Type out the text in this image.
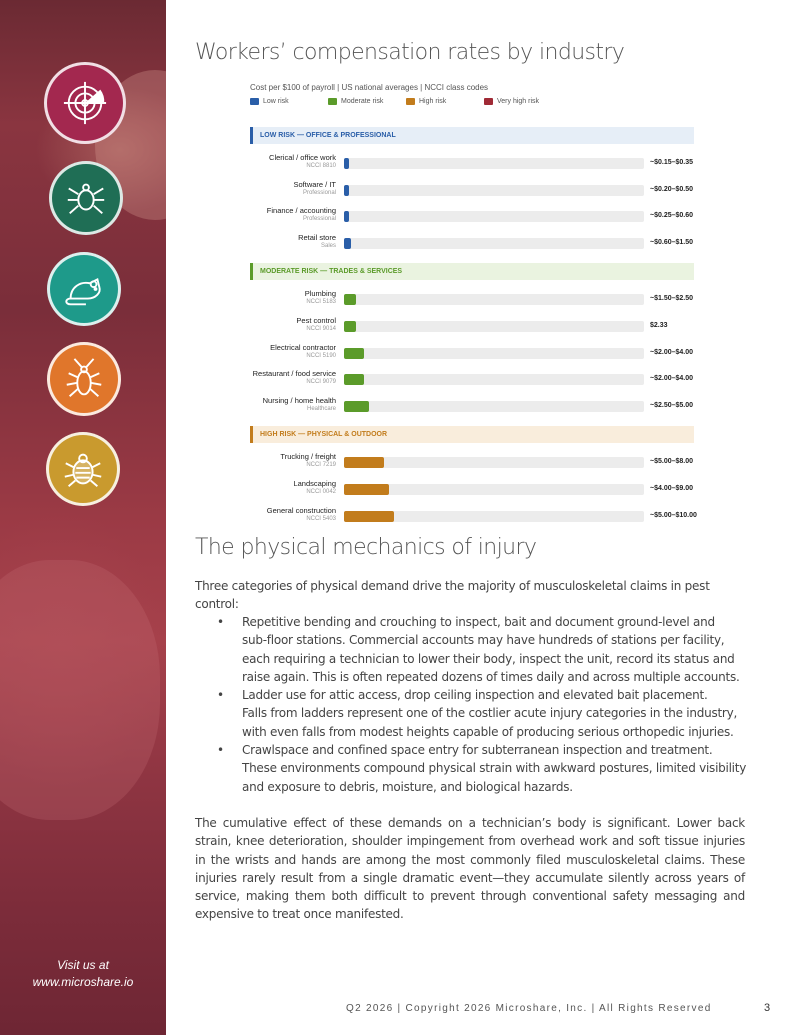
Visit us at
www.microshare.io
Workers’ compensation rates by industry
Cost per $100 of payroll | US national averages | NCCI class codes
Low risk	Moderate risk	High risk	Very high risk
LOW RISK — OFFICE & PROFESSIONAL
Clerical / office work
NCCI 8810	~$0.15–$0.35
Software / IT
Professional	~$0.20–$0.50
Finance / accounting
Professional	~$0.25–$0.60
Retail store
Sales	~$0.60–$1.50
MODERATE RISK — TRADES & SERVICES
Plumbing
NCCI 5183	~$1.50–$2.50
Pest control
NCCI 9014	$2.33
Electrical contractor
NCCI 5190	~$2.00–$4.00
Restaurant / food service
NCCI 9079	~$2.00–$4.00
Nursing / home health
Healthcare	~$2.50–$5.00
HIGH RISK — PHYSICAL & OUTDOOR
Trucking / freight
NCCI 7219	~$5.00–$8.00
Landscaping
NCCI 0042	~$4.00–$9.00
General construction
NCCI 5403	~$5.00–$10.00
The physical mechanics of injury

Three categories of physical demand drive the majority of musculoskeletal claims in pest control:

• Repetitive bending and crouching to inspect, bait and document ground-level and
sub-floor stations. Commercial accounts may have hundreds of stations per facility,
each requiring a technician to lower their body, inspect the unit, record its status and
raise again. This is often repeated dozens of times daily and across multiple accounts.
• Ladder use for attic access, drop ceiling inspection and elevated bait placement.
Falls from ladders represent one of the costlier acute injury categories in the industry,
with even falls from modest heights capable of producing serious orthopedic injuries.
• Crawlspace and confined space entry for subterranean inspection and treatment.
These environments compound physical strain with awkward postures, limited visibility
and exposure to debris, moisture, and biological hazards.

The cumulative effect of these demands on a technician’s body is significant. Lower back strain, knee deterioration, shoulder impingement from overhead work and soft tissue injuries in the wrists and hands are among the most commonly filed musculoskeletal claims. These injuries rarely result from a single dramatic event—they accumulate silently across years of service, making them both difficult to prevent through conventional safety messaging and expensive to treat once manifested.

Q2 2026 | Copyright 2026 Microshare, Inc. | All Rights Reserved	3
